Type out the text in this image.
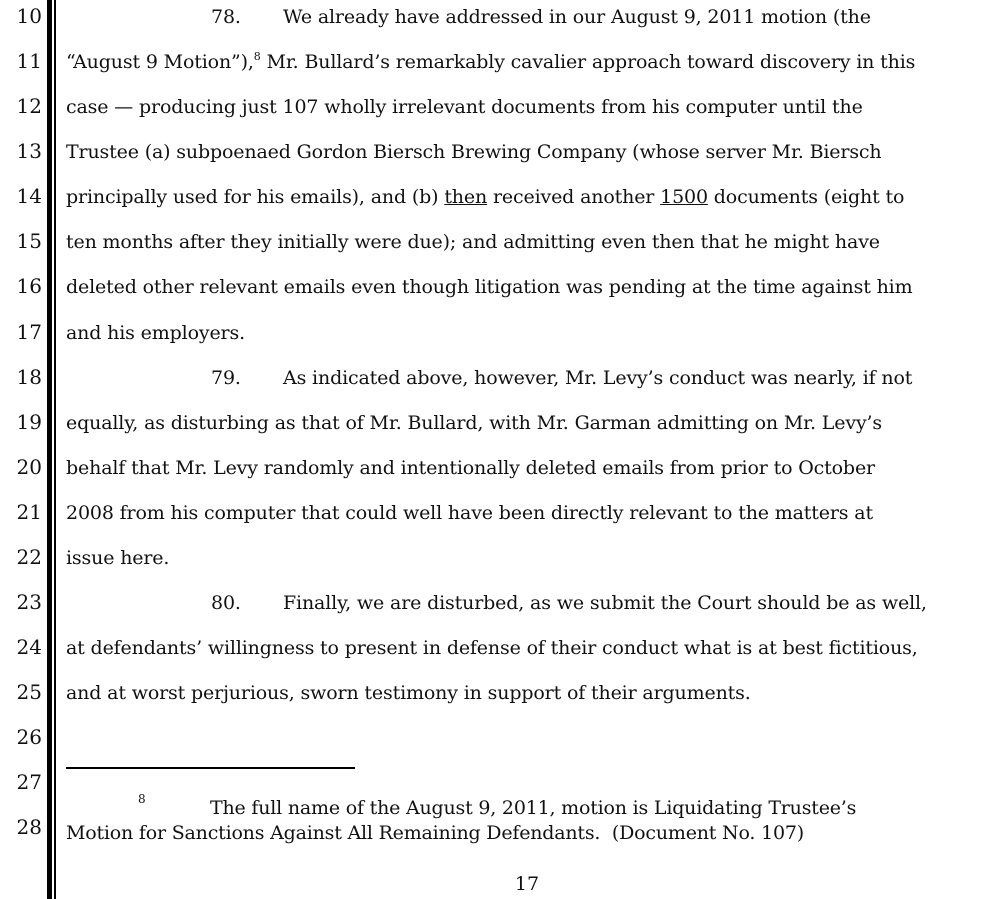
10
11
12
13
14
15
16
17
18
19
20
21
22
23
24
25
26
27
28
78. We already have addressed in our August 9, 2011 motion (the
“August 9 Motion”),$^8$ Mr. Bullard’s remarkably cavalier approach toward discovery in this
case — producing just 107 wholly irrelevant documents from his computer until the
Trustee (a) subpoenaed Gordon Biersch Brewing Company (whose server Mr. Biersch
principally used for his emails), and (b) then received another 1500 documents (eight to
ten months after they initially were due); and admitting even then that he might have
deleted other relevant emails even though litigation was pending at the time against him
and his employers.
79. As indicated above, however, Mr. Levy’s conduct was nearly, if not
equally, as disturbing as that of Mr. Bullard, with Mr. Garman admitting on Mr. Levy’s
behalf that Mr. Levy randomly and intentionally deleted emails from prior to October
2008 from his computer that could well have been directly relevant to the matters at
issue here.
80. Finally, we are disturbed, as we submit the Court should be as well,
at defendants’ willingness to present in defense of their conduct what is at best fictitious,
and at worst perjurious, sworn testimony in support of their arguments.
8	The full name of the August 9, 2011, motion is Liquidating Trustee’s
Motion for Sanctions Against All Remaining Defendants.  (Document No. 107)
17
